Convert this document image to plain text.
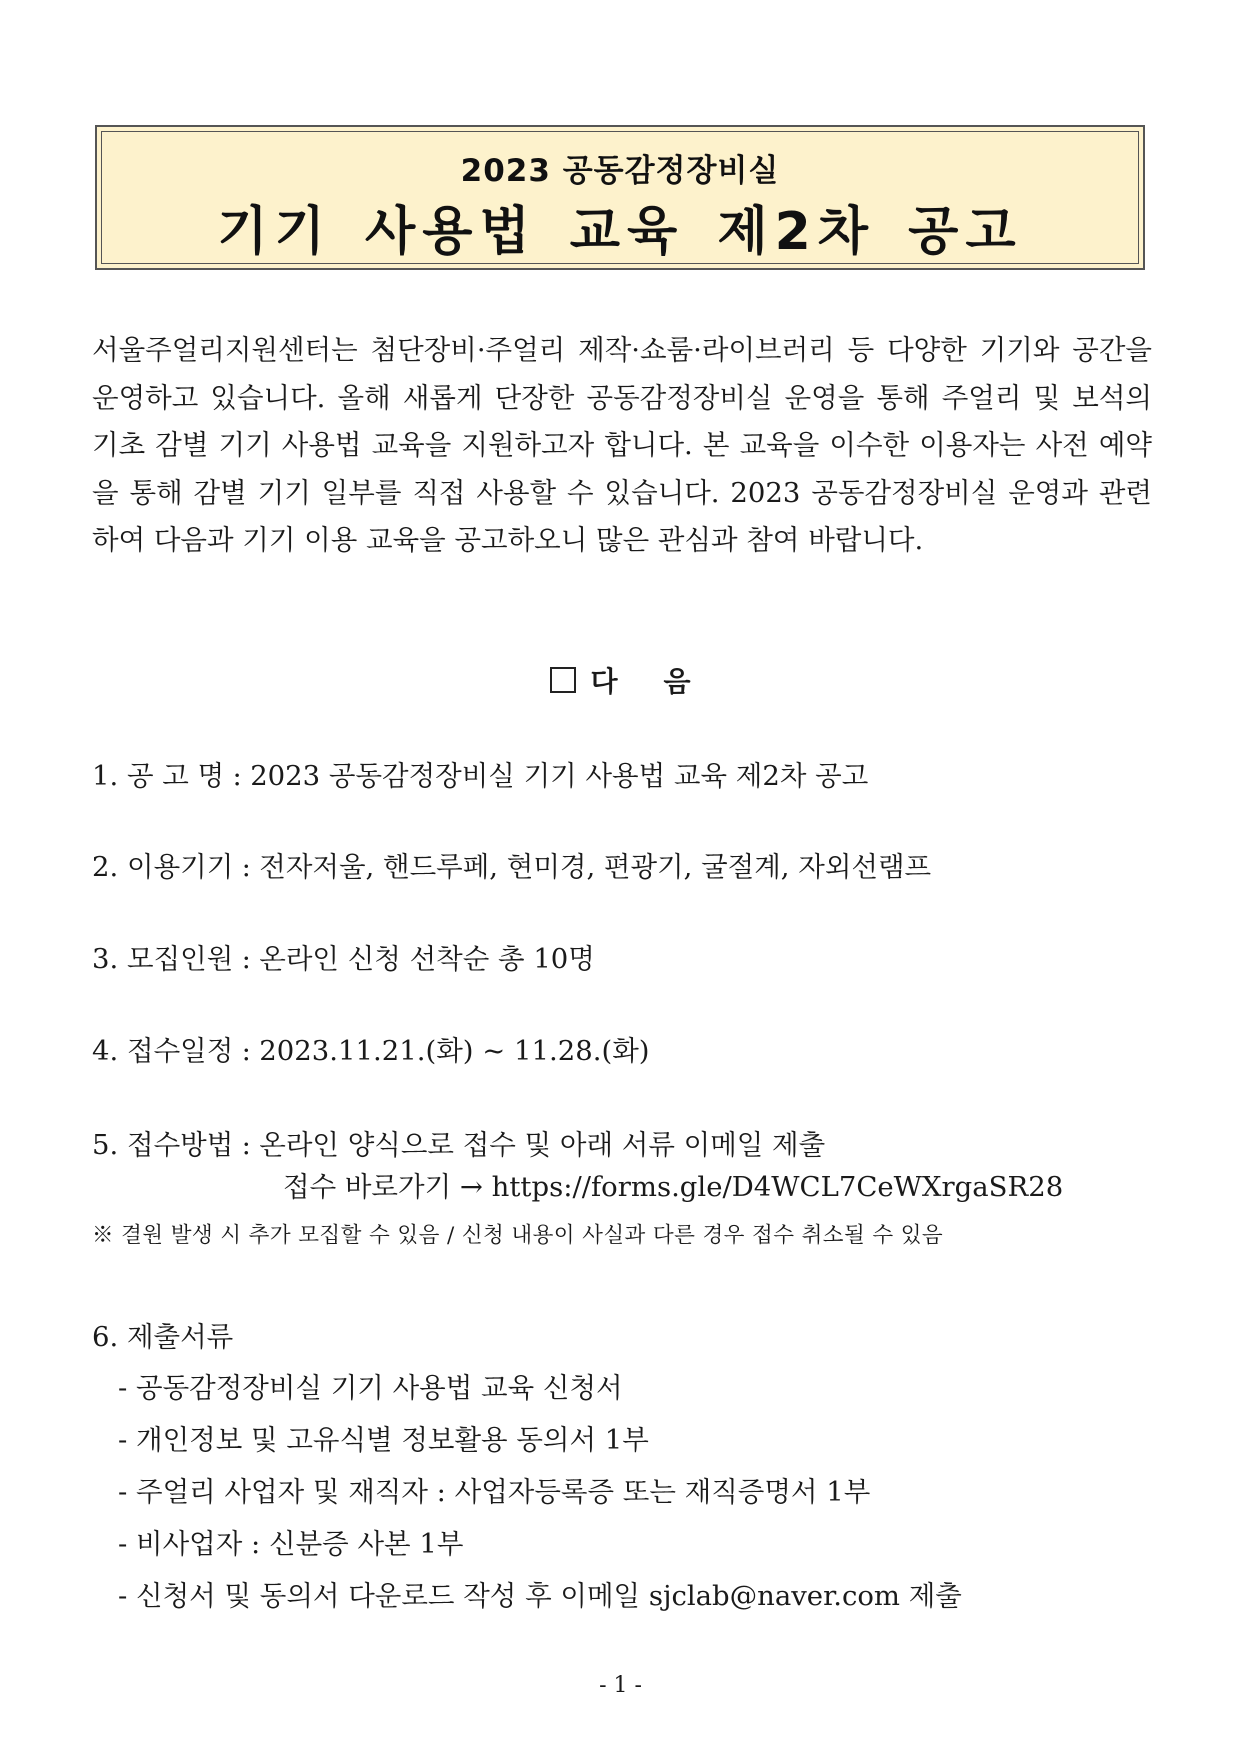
2023 공동감정장비실
기기 사용법 교육 제2차 공고
서울주얼리지원센터는 첨단장비·주얼리 제작·쇼룸·라이브러리 등 다양한 기기와 공간을 운영하고 있습니다. 올해 새롭게 단장한 공동감정장비실 운영을 통해 주얼리 및 보석의 기초 감별 기기 사용법 교육을 지원하고자 합니다. 본 교육을 이수한 이용자는 사전 예약을 통해 감별 기기 일부를 직접 사용할 수 있습니다. 2023 공동감정장비실 운영과 관련하여 다음과 기기 이용 교육을 공고하오니 많은 관심과 참여 바랍니다.
다 음
1. 공 고 명 : 2023 공동감정장비실 기기 사용법 교육 제2차 공고
2. 이용기기 : 전자저울, 핸드루페, 현미경, 편광기, 굴절계, 자외선램프
3. 모집인원 : 온라인 신청 선착순 총 10명
4. 접수일정 : 2023.11.21.(화) ~ 11.28.(화)
5. 접수방법 : 온라인 양식으로 접수 및 아래 서류 이메일 제출
접수 바로가기 → https://forms.gle/D4WCL7CeWXrgaSR28
※ 결원 발생 시 추가 모집할 수 있음 / 신청 내용이 사실과 다른 경우 접수 취소될 수 있음
6. 제출서류
- 공동감정장비실 기기 사용법 교육 신청서
- 개인정보 및 고유식별 정보활용 동의서 1부
- 주얼리 사업자 및 재직자 : 사업자등록증 또는 재직증명서 1부
- 비사업자 : 신분증 사본 1부
- 신청서 및 동의서 다운로드 작성 후 이메일 sjclab@naver.com 제출
- 1 -
